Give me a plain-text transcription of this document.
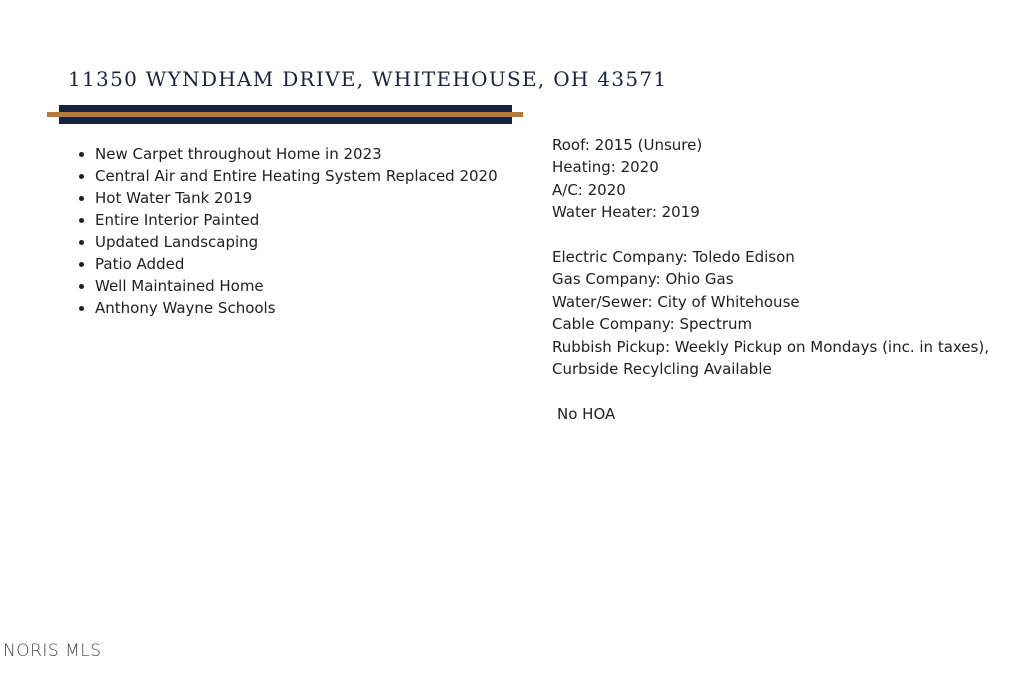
11350 WYNDHAM DRIVE, WHITEHOUSE, OH 43571
• New Carpet throughout Home in 2023
• Central Air and Entire Heating System Replaced 2020
• Hot Water Tank 2019
• Entire Interior Painted
• Updated Landscaping
• Patio Added
• Well Maintained Home
• Anthony Wayne Schools
Roof: 2015 (Unsure)
Heating: 2020
A/C: 2020
Water Heater: 2019
Electric Company: Toledo Edison
Gas Company: Ohio Gas
Water/Sewer: City of Whitehouse
Cable Company: Spectrum
Rubbish Pickup: Weekly Pickup on Mondays (inc. in taxes), Curbside Recylcling Available
No HOA
NORIS MLS
